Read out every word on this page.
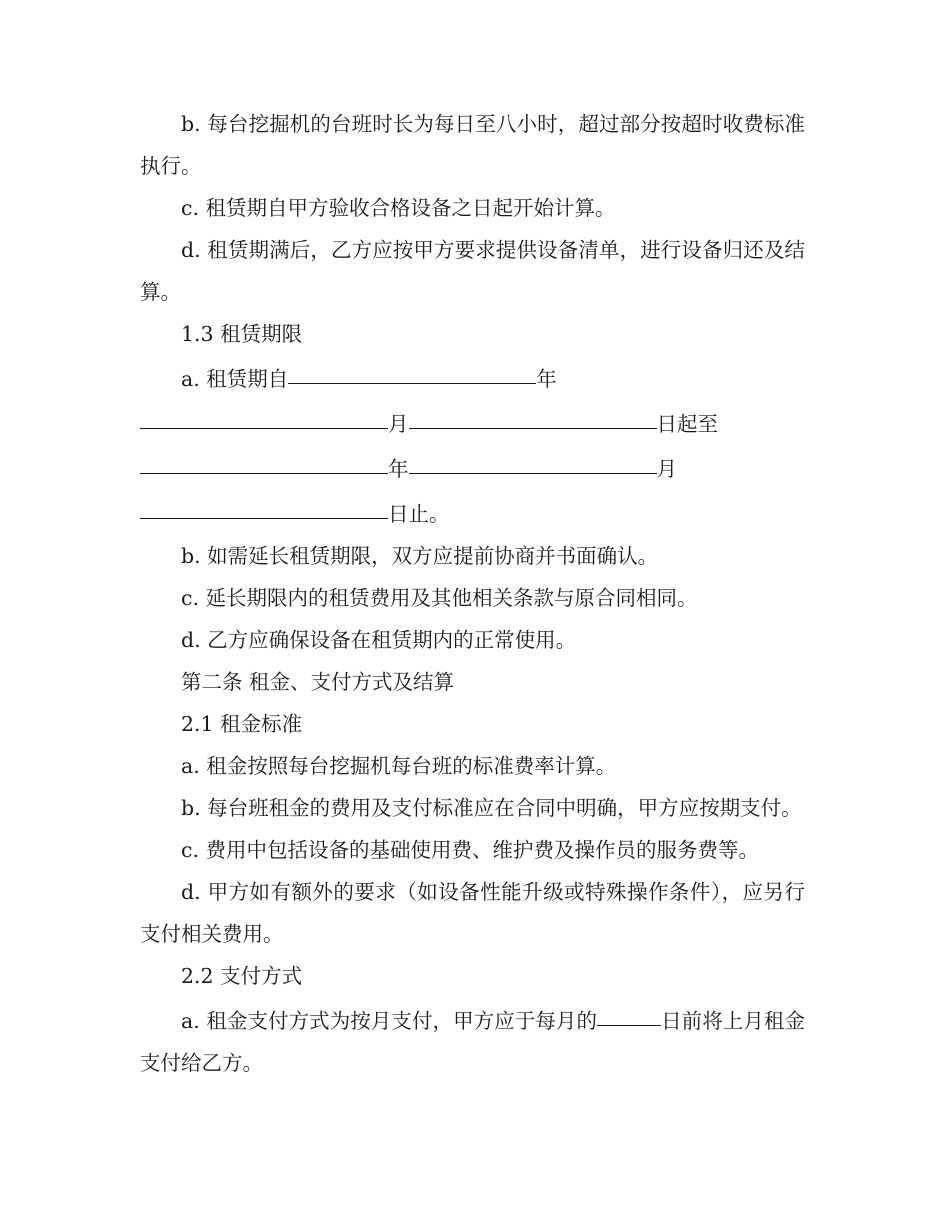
b. 每台挖掘机的台班时长为每日至八小时，超过部分按超时收费标准执行。

c. 租赁期自甲方验收合格设备之日起开始计算。

d. 租赁期满后，乙方应按甲方要求提供设备清单，进行设备归还及结算。

1.3 租赁期限

a. 租赁期自	年

月	日起至

年	月

日止。

b. 如需延长租赁期限，双方应提前协商并书面确认。

c. 延长期限内的租赁费用及其他相关条款与原合同相同。

d. 乙方应确保设备在租赁期内的正常使用。

第二条 租金、支付方式及结算

2.1 租金标准

a. 租金按照每台挖掘机每台班的标准费率计算。

b. 每台班租金的费用及支付标准应在合同中明确，甲方应按期支付。

c. 费用中包括设备的基础使用费、维护费及操作员的服务费等。

d. 甲方如有额外的要求（如设备性能升级或特殊操作条件），应另行支付相关费用。

2.2 支付方式

a. 租金支付方式为按月支付，甲方应于每月的	日前将上月租金支付给乙方。
